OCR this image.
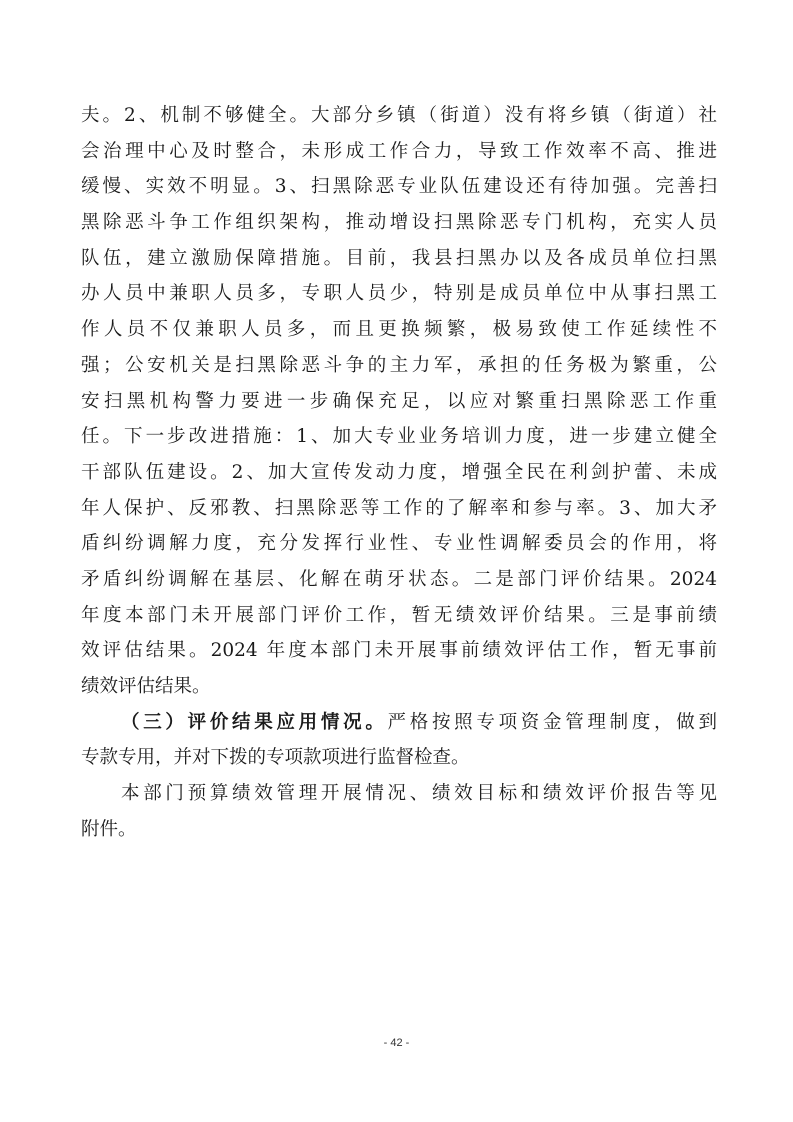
夫。2、机制不够健全。大部分乡镇（街道）没有将乡镇（街道）社
会治理中心及时整合，未形成工作合力，导致工作效率不高、推进
缓慢、实效不明显。3、扫黑除恶专业队伍建设还有待加强。完善扫
黑除恶斗争工作组织架构，推动增设扫黑除恶专门机构，充实人员
队伍，建立激励保障措施。目前，我县扫黑办以及各成员单位扫黑
办人员中兼职人员多，专职人员少，特别是成员单位中从事扫黑工
作人员不仅兼职人员多，而且更换频繁，极易致使工作延续性不
强；公安机关是扫黑除恶斗争的主力军，承担的任务极为繁重，公
安扫黑机构警力要进一步确保充足，以应对繁重扫黑除恶工作重
任。下一步改进措施：1、加大专业业务培训力度，进一步建立健全
干部队伍建设。2、加大宣传发动力度，增强全民在利剑护蕾、未成
年人保护、反邪教、扫黑除恶等工作的了解率和参与率。3、加大矛
盾纠纷调解力度，充分发挥行业性、专业性调解委员会的作用，将
矛盾纠纷调解在基层、化解在萌牙状态。二是部门评价结果。2024
年度本部门未开展部门评价工作，暂无绩效评价结果。三是事前绩
效评估结果。2024 年度本部门未开展事前绩效评估工作，暂无事前
绩效评估结果。
（三）评价结果应用情况。严格按照专项资金管理制度，做到
专款专用，并对下拨的专项款项进行监督检查。
本部门预算绩效管理开展情况、绩效目标和绩效评价报告等见
附件。
- 42 -
